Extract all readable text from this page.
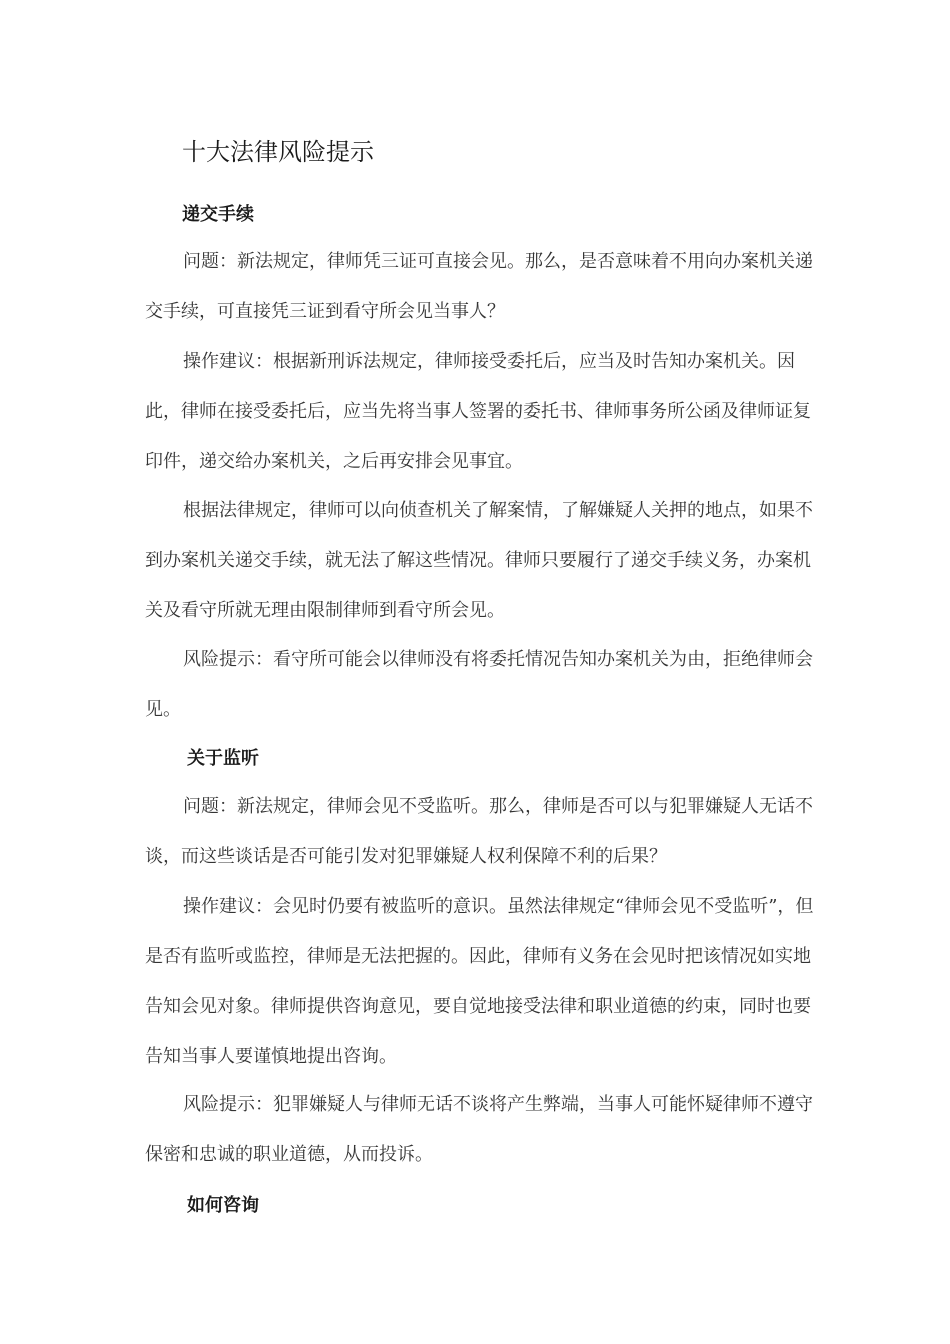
十大法律风险提示
递交手续

问题：新法规定，律师凭三证可直接会见。那么，是否意味着不用向办案机关递交手续，可直接凭三证到看守所会见当事人？

操作建议：根据新刑诉法规定，律师接受委托后，应当及时告知办案机关。因此，律师在接受委托后，应当先将当事人签署的委托书、律师事务所公函及律师证复印件，递交给办案机关，之后再安排会见事宜。

根据法律规定，律师可以向侦查机关了解案情，了解嫌疑人关押的地点，如果不到办案机关递交手续，就无法了解这些情况。律师只要履行了递交手续义务，办案机关及看守所就无理由限制律师到看守所会见。

风险提示：看守所可能会以律师没有将委托情况告知办案机关为由，拒绝律师会见。

关于监听

问题：新法规定，律师会见不受监听。那么，律师是否可以与犯罪嫌疑人无话不谈，而这些谈话是否可能引发对犯罪嫌疑人权利保障不利的后果？

操作建议：会见时仍要有被监听的意识。虽然法律规定“律师会见不受监听”，但是否有监听或监控，律师是无法把握的。因此，律师有义务在会见时把该情况如实地告知会见对象。律师提供咨询意见，要自觉地接受法律和职业道德的约束，同时也要告知当事人要谨慎地提出咨询。

风险提示：犯罪嫌疑人与律师无话不谈将产生弊端，当事人可能怀疑律师不遵守保密和忠诚的职业道德，从而投诉。

如何咨询
